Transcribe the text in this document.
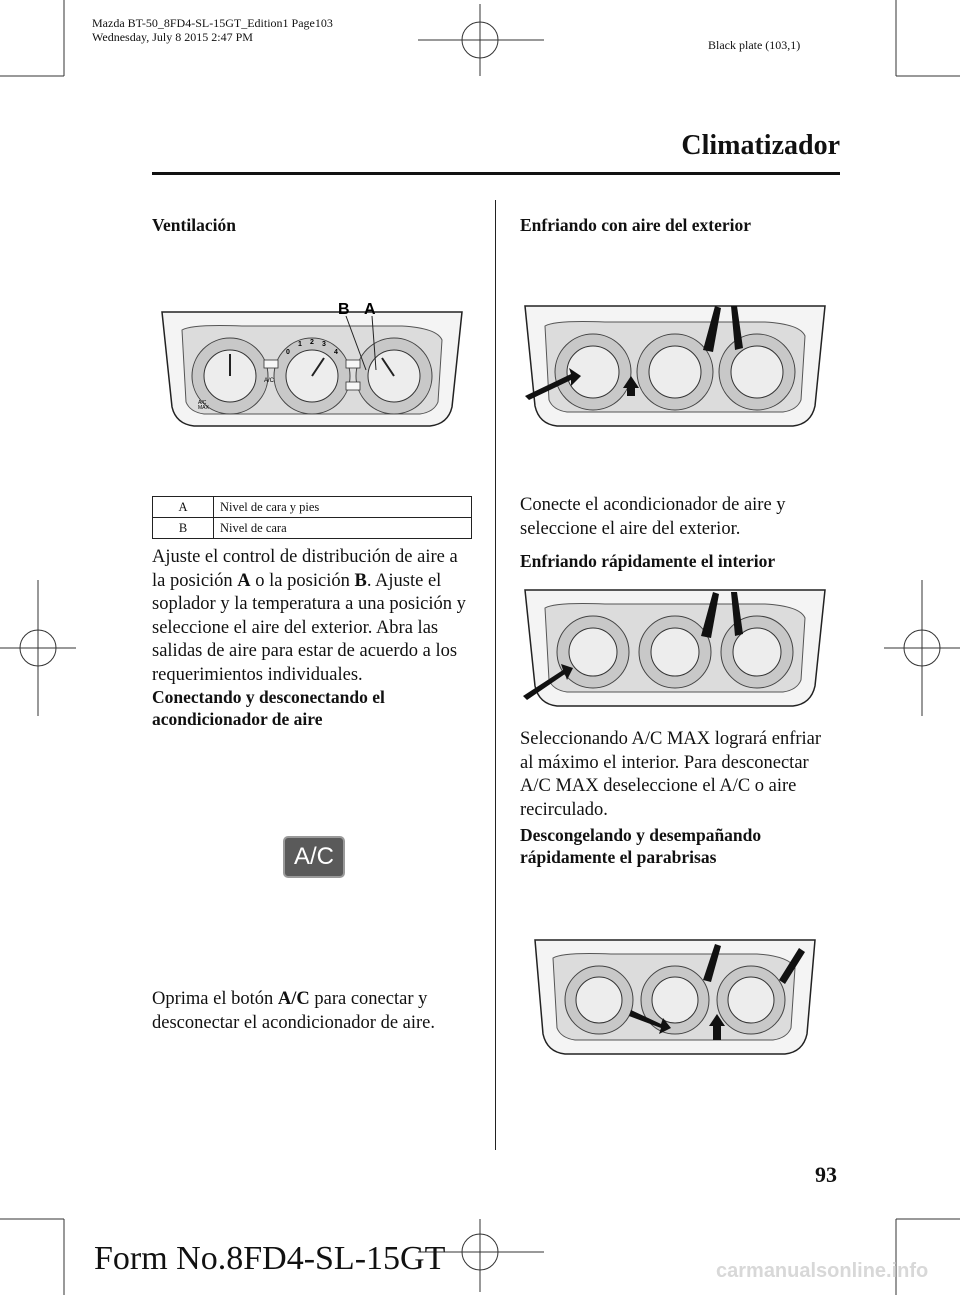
Mazda BT-50_8FD4-SL-15GT_Edition1 Page103
Wednesday, July 8 2015 2:47 PM
Black plate (103,1)
Climatizador
Ventilación
A/C
A/C
MAX
0
1 2 3
4
B A
A	Nivel de cara y pies
B	Nivel de cara
Ajuste el control de distribución de aire a
la posición A o la posición B. Ajuste el
soplador y la temperatura a una posición y
seleccione el aire del exterior. Abra las
salidas de aire para estar de acuerdo a los
requerimientos individuales.
Conectando y desconectando el
acondicionador de aire
A/C
Oprima el botón A/C para conectar y
desconectar el acondicionador de aire.
Enfriando con aire del exterior
Conecte el acondicionador de aire y
seleccione el aire del exterior.
Enfriando rápidamente el interior
Seleccionando A/C MAX logrará enfriar
al máximo el interior. Para desconectar
A/C MAX deseleccione el A/C o aire
recirculado.
Descongelando y desempañando
rápidamente el parabrisas
93
Form No.8FD4-SL-15GT	carmanualsonline.info
